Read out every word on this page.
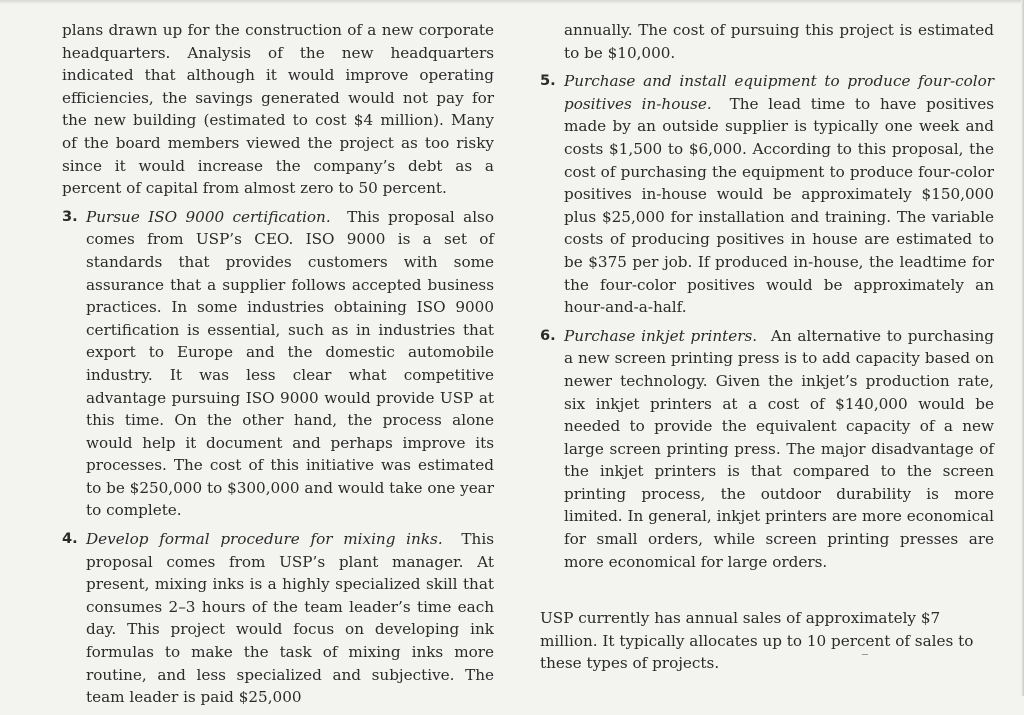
plans drawn up for the construction of a new corporate headquarters. Analysis of the new headquarters indicated that although it would improve operating efficiencies, the savings generated would not pay for the new building (estimated to cost $4 million). Many of the board members viewed the project as too risky since it would increase the company’s debt as a percent of capital from almost zero to 50 percent.

3. Pursue ISO 9000 certification. This proposal also comes from USP’s CEO. ISO 9000 is a set of standards that provides customers with some assurance that a supplier follows accepted business practices. In some industries obtaining ISO 9000 certification is essential, such as in industries that export to Europe and the domestic automobile industry. It was less clear what competitive advantage pursuing ISO 9000 would provide USP at this time. On the other hand, the process alone would help it document and perhaps improve its processes. The cost of this initiative was estimated to be $250,000 to $300,000 and would take one year to complete.
4. Develop formal procedure for mixing inks. This proposal comes from USP’s plant manager. At present, mixing inks is a highly specialized skill that consumes 2–3 hours of the team leader’s time each day. This project would focus on developing ink formulas to make the task of mixing inks more routine, and less specialized and subjective. The team leader is paid $25,000
annually. The cost of pursuing this project is estimated to be $10,000.
5. Purchase and install equipment to produce four-color positives in-house. The lead time to have positives made by an outside supplier is typically one week and costs $1,500 to $6,000. According to this proposal, the cost of purchasing the equipment to produce four-color positives in-house would be approximately $150,000 plus $25,000 for installation and training. The variable costs of producing positives in house are estimated to be $375 per job. If produced in-house, the leadtime for the four-color positives would be approximately an hour-and-a-half.
6. Purchase inkjet printers. An alternative to purchasing a new screen printing press is to add capacity based on newer technology. Given the inkjet’s production rate, six inkjet printers at a cost of $140,000 would be needed to provide the equivalent capacity of a new large screen printing press. The major disadvantage of the inkjet printers is that compared to the screen printing process, the outdoor durability is more limited. In general, inkjet printers are more economical for small orders, while screen printing presses are more economical for large orders.

USP currently has annual sales of approximately $7 million. It typically allocates up to 10 percent of sales to these types of projects.
